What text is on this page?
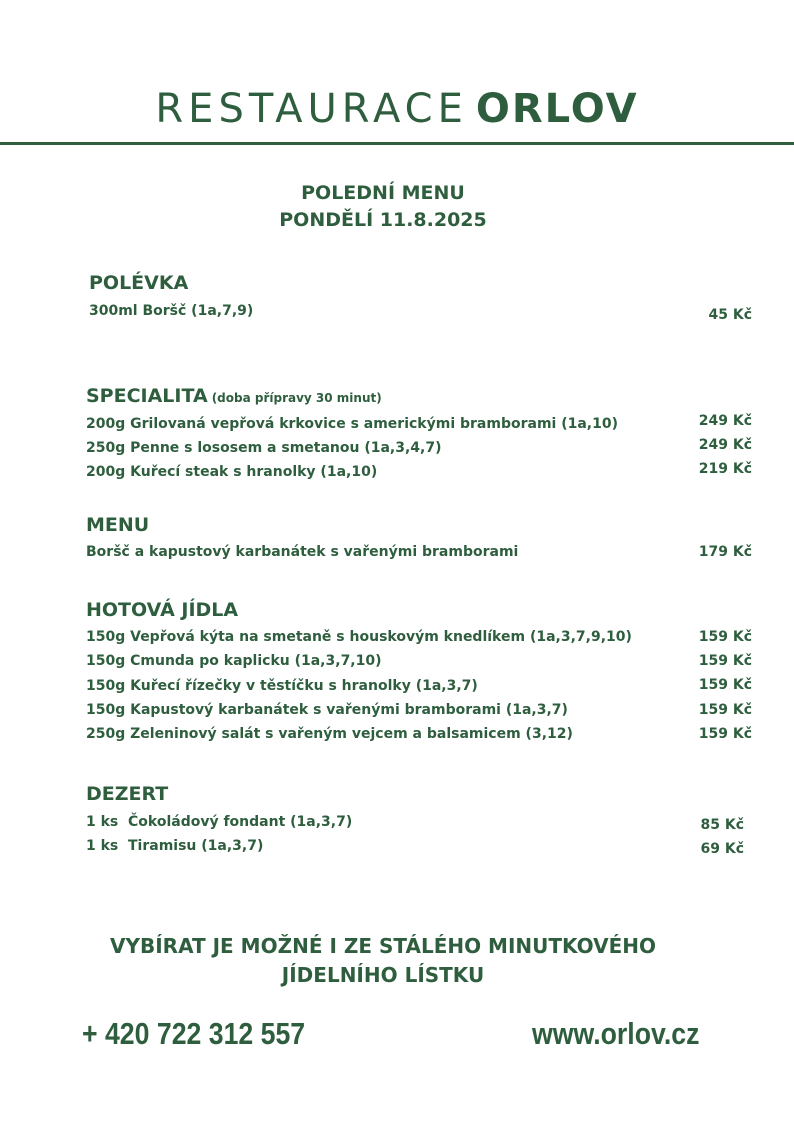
RESTAURACE ORLOV
POLEDNÍ MENU
PONDĚLÍ 11.8.2025
POLÉVKA
300ml Boršč (1a,7,9)	45 Kč
SPECIALITA (doba přípravy 30 minut)
200g Grilovaná vepřová krkovice s americkými bramborami (1a,10)	249 Kč
250g Penne s lososem a smetanou (1a,3,4,7)	249 Kč
200g Kuřecí steak s hranolky (1a,10)	219 Kč
MENU
Boršč a kapustový karbanátek s vařenými bramborami	179 Kč
HOTOVÁ JÍDLA
150g Vepřová kýta na smetaně s houskovým knedlíkem (1a,3,7,9,10)	159 Kč
150g Cmunda po kaplicku (1a,3,7,10)	159 Kč
150g Kuřecí řízečky v těstíčku s hranolky (1a,3,7)	159 Kč
150g Kapustový karbanátek s vařenými bramborami (1a,3,7)	159 Kč
250g Zeleninový salát s vařeným vejcem a balsamicem (3,12)	159 Kč
DEZERT
1 ks Čokoládový fondant (1a,3,7)	85 Kč
1 ks Tiramisu (1a,3,7)	69 Kč
VYBÍRAT JE MOŽNÉ I ZE STÁLÉHO MINUTKOVÉHO
JÍDELNÍHO LÍSTKU
+ 420 722 312 557	www.orlov.cz
